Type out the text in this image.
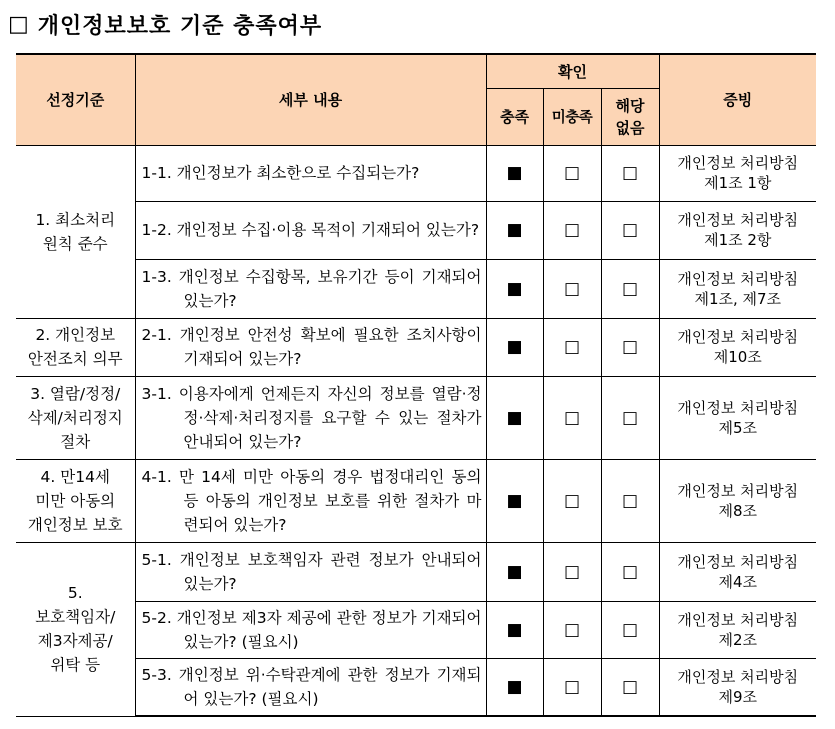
□ 개인정보보호 기준 충족여부
선정기준	세부 내용	확인			증빙
		충족	미충족	해당
없음	
1. 최소처리
원칙 준수	1-1. 개인정보가 최소한으로 수집되는가?	■	□	□	개인정보 처리방침
제1조 1항
	1-2. 개인정보 수집·이용 목적이 기재되어 있는가?	■	□	□	개인정보 처리방침
제1조 2항
	1-3. 개인정보 수집항목, 보유기간 등이 기재되어 있는가?	■	□	□	개인정보 처리방침
제1조, 제7조
2. 개인정보
안전조치 의무	2-1. 개인정보 안전성 확보에 필요한 조치사항이 기재되어 있는가?	■	□	□	개인정보 처리방침
제10조
3. 열람/정정/
삭제/처리정지
절차	3-1. 이용자에게 언제든지 자신의 정보를 열람·정정·삭제·처리정지를 요구할 수 있는 절차가 안내되어 있는가?	■	□	□	개인정보 처리방침
제5조
4. 만14세
미만 아동의
개인정보 보호	4-1. 만 14세 미만 아동의 경우 법정대리인 동의 등 아동의 개인정보 보호를 위한 절차가 마련되어 있는가?	■	□	□	개인정보 처리방침
제8조
5.
보호책임자/
제3자제공/
위탁 등	5-1. 개인정보 보호책임자 관련 정보가 안내되어 있는가?	■	□	□	개인정보 처리방침
제4조
	5-2. 개인정보 제3자 제공에 관한 정보가 기재되어 있는가? (필요시)	■	□	□	개인정보 처리방침
제2조
	5-3. 개인정보 위·수탁관계에 관한 정보가 기재되어 있는가? (필요시)	■	□	□	개인정보 처리방침
제9조
